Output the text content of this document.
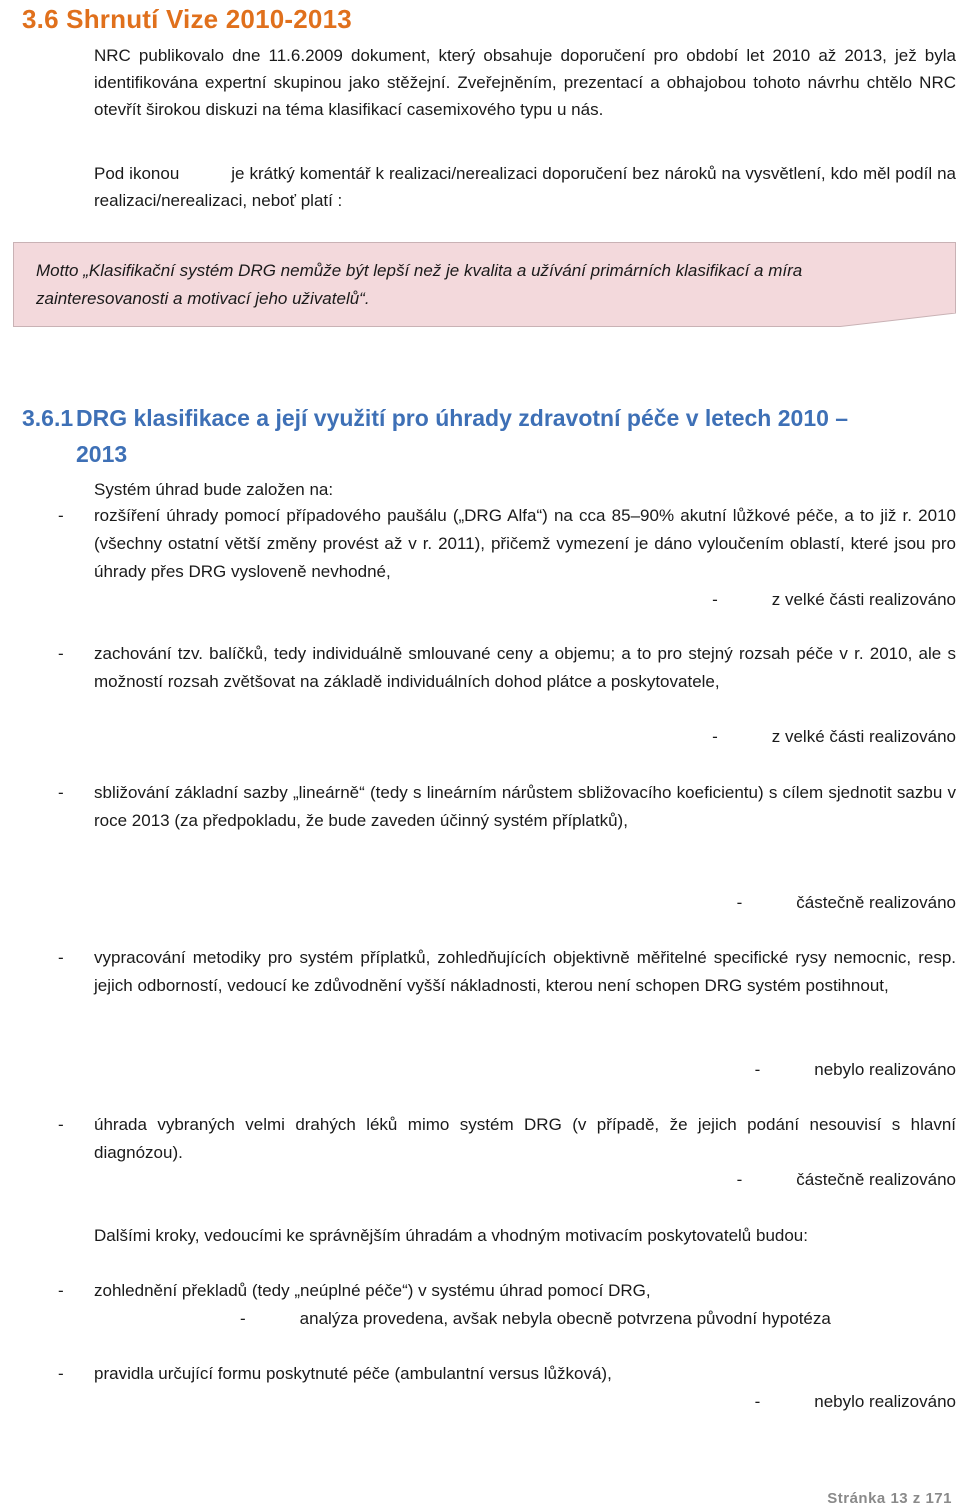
3.6 Shrnutí Vize 2010-2013
NRC publikovalo dne 11.6.2009 dokument, který obsahuje doporučení pro období let 2010 až 2013, jež byla identifikována expertní skupinou jako stěžejní. Zveřejněním, prezentací a obhajobou tohoto návrhu chtělo NRC otevřít širokou diskuzi na téma klasifikací casemixového typu u nás.
Pod ikonou	je krátký komentář k realizaci/nerealizaci doporučení bez nároků na vysvětlení, kdo měl podíl na realizaci/nerealizaci, neboť platí :
Motto „Klasifikační systém DRG nemůže být lepší než je kvalita a užívání primárních klasifikací a míra zainteresovanosti a motivací jeho uživatelů“.
3.6.1 DRG klasifikace a její využití pro úhrady zdravotní péče v letech 2010 –
2013
Systém úhrad bude založen na:
- rozšíření úhrady pomocí případového paušálu („DRG Alfa“) na cca 85–90% akutní lůžkové péče, a to již r. 2010 (všechny ostatní větší změny provést až v r. 2011), přičemž vymezení je dáno vyloučením oblastí, které jsou pro úhrady přes DRG vysloveně nevhodné,
-	z velké části realizováno
- zachování tzv. balíčků, tedy individuálně smlouvané ceny a objemu; a to pro stejný rozsah péče v r. 2010, ale s možností rozsah zvětšovat na základě individuálních dohod plátce a poskytovatele,
-	z velké části realizováno
- sbližování základní sazby „lineárně“ (tedy s lineárním nárůstem sbližovacího koeficientu) s cílem sjednotit sazbu v roce 2013 (za předpokladu, že bude zaveden účinný systém příplatků),
-	částečně realizováno
- vypracování metodiky pro systém příplatků, zohledňujících objektivně měřitelné specifické rysy nemocnic, resp. jejich odborností, vedoucí ke zdůvodnění vyšší nákladnosti, kterou není schopen DRG systém postihnout,
-	nebylo realizováno
- úhrada vybraných velmi drahých léků mimo systém DRG (v případě, že jejich podání nesouvisí s hlavní diagnózou).
-	částečně realizováno
Dalšími kroky, vedoucími ke správnějším úhradám a vhodným motivacím poskytovatelů budou:
- zohlednění překladů (tedy „neúplné péče“) v systému úhrad pomocí DRG,
-	analýza provedena, avšak nebyla obecně potvrzena původní hypotéza
- pravidla určující formu poskytnuté péče (ambulantní versus lůžková),
-	nebylo realizováno
Stránka 13 z 171
